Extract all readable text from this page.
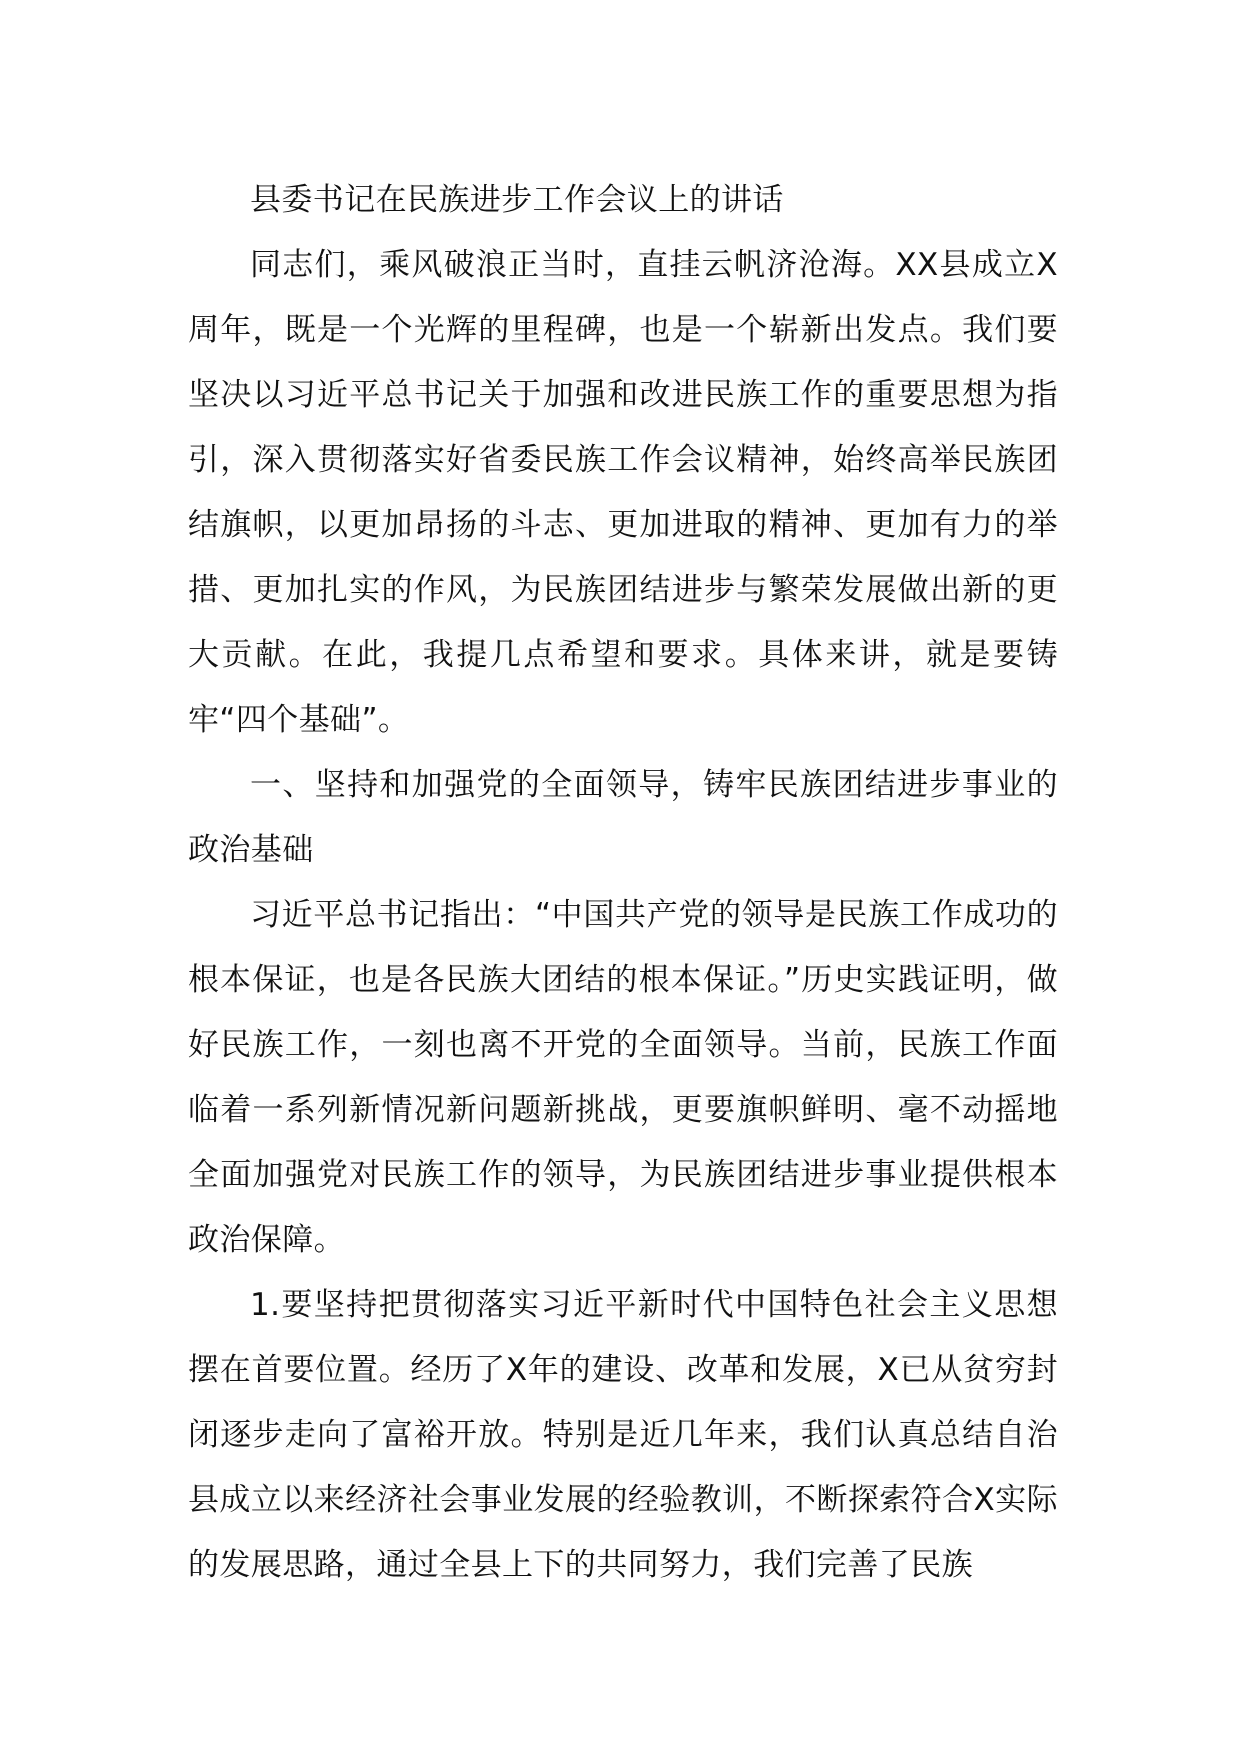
县委书记在民族进步工作会议上的讲话

同志们，乘风破浪正当时，直挂云帆济沧海。XX县成立X周年，既是一个光辉的里程碑，也是一个崭新出发点。我们要坚决以习近平总书记关于加强和改进民族工作的重要思想为指引，深入贯彻落实好省委民族工作会议精神，始终高举民族团结旗帜，以更加昂扬的斗志、更加进取的精神、更加有力的举措、更加扎实的作风，为民族团结进步与繁荣发展做出新的更大贡献。在此，我提几点希望和要求。具体来讲，就是要铸牢“四个基础”。

一、坚持和加强党的全面领导，铸牢民族团结进步事业的政治基础

习近平总书记指出：“中国共产党的领导是民族工作成功的根本保证，也是各民族大团结的根本保证。”历史实践证明，做好民族工作，一刻也离不开党的全面领导。当前，民族工作面临着一系列新情况新问题新挑战，更要旗帜鲜明、毫不动摇地全面加强党对民族工作的领导，为民族团结进步事业提供根本政治保障。

1.要坚持把贯彻落实习近平新时代中国特色社会主义思想摆在首要位置。经历了X年的建设、改革和发展，X已从贫穷封闭逐步走向了富裕开放。特别是近几年来，我们认真总结自治县成立以来经济社会事业发展的经验教训，不断探索符合X实际的发展思路，通过全县上下的共同努力，我们完善了民族
